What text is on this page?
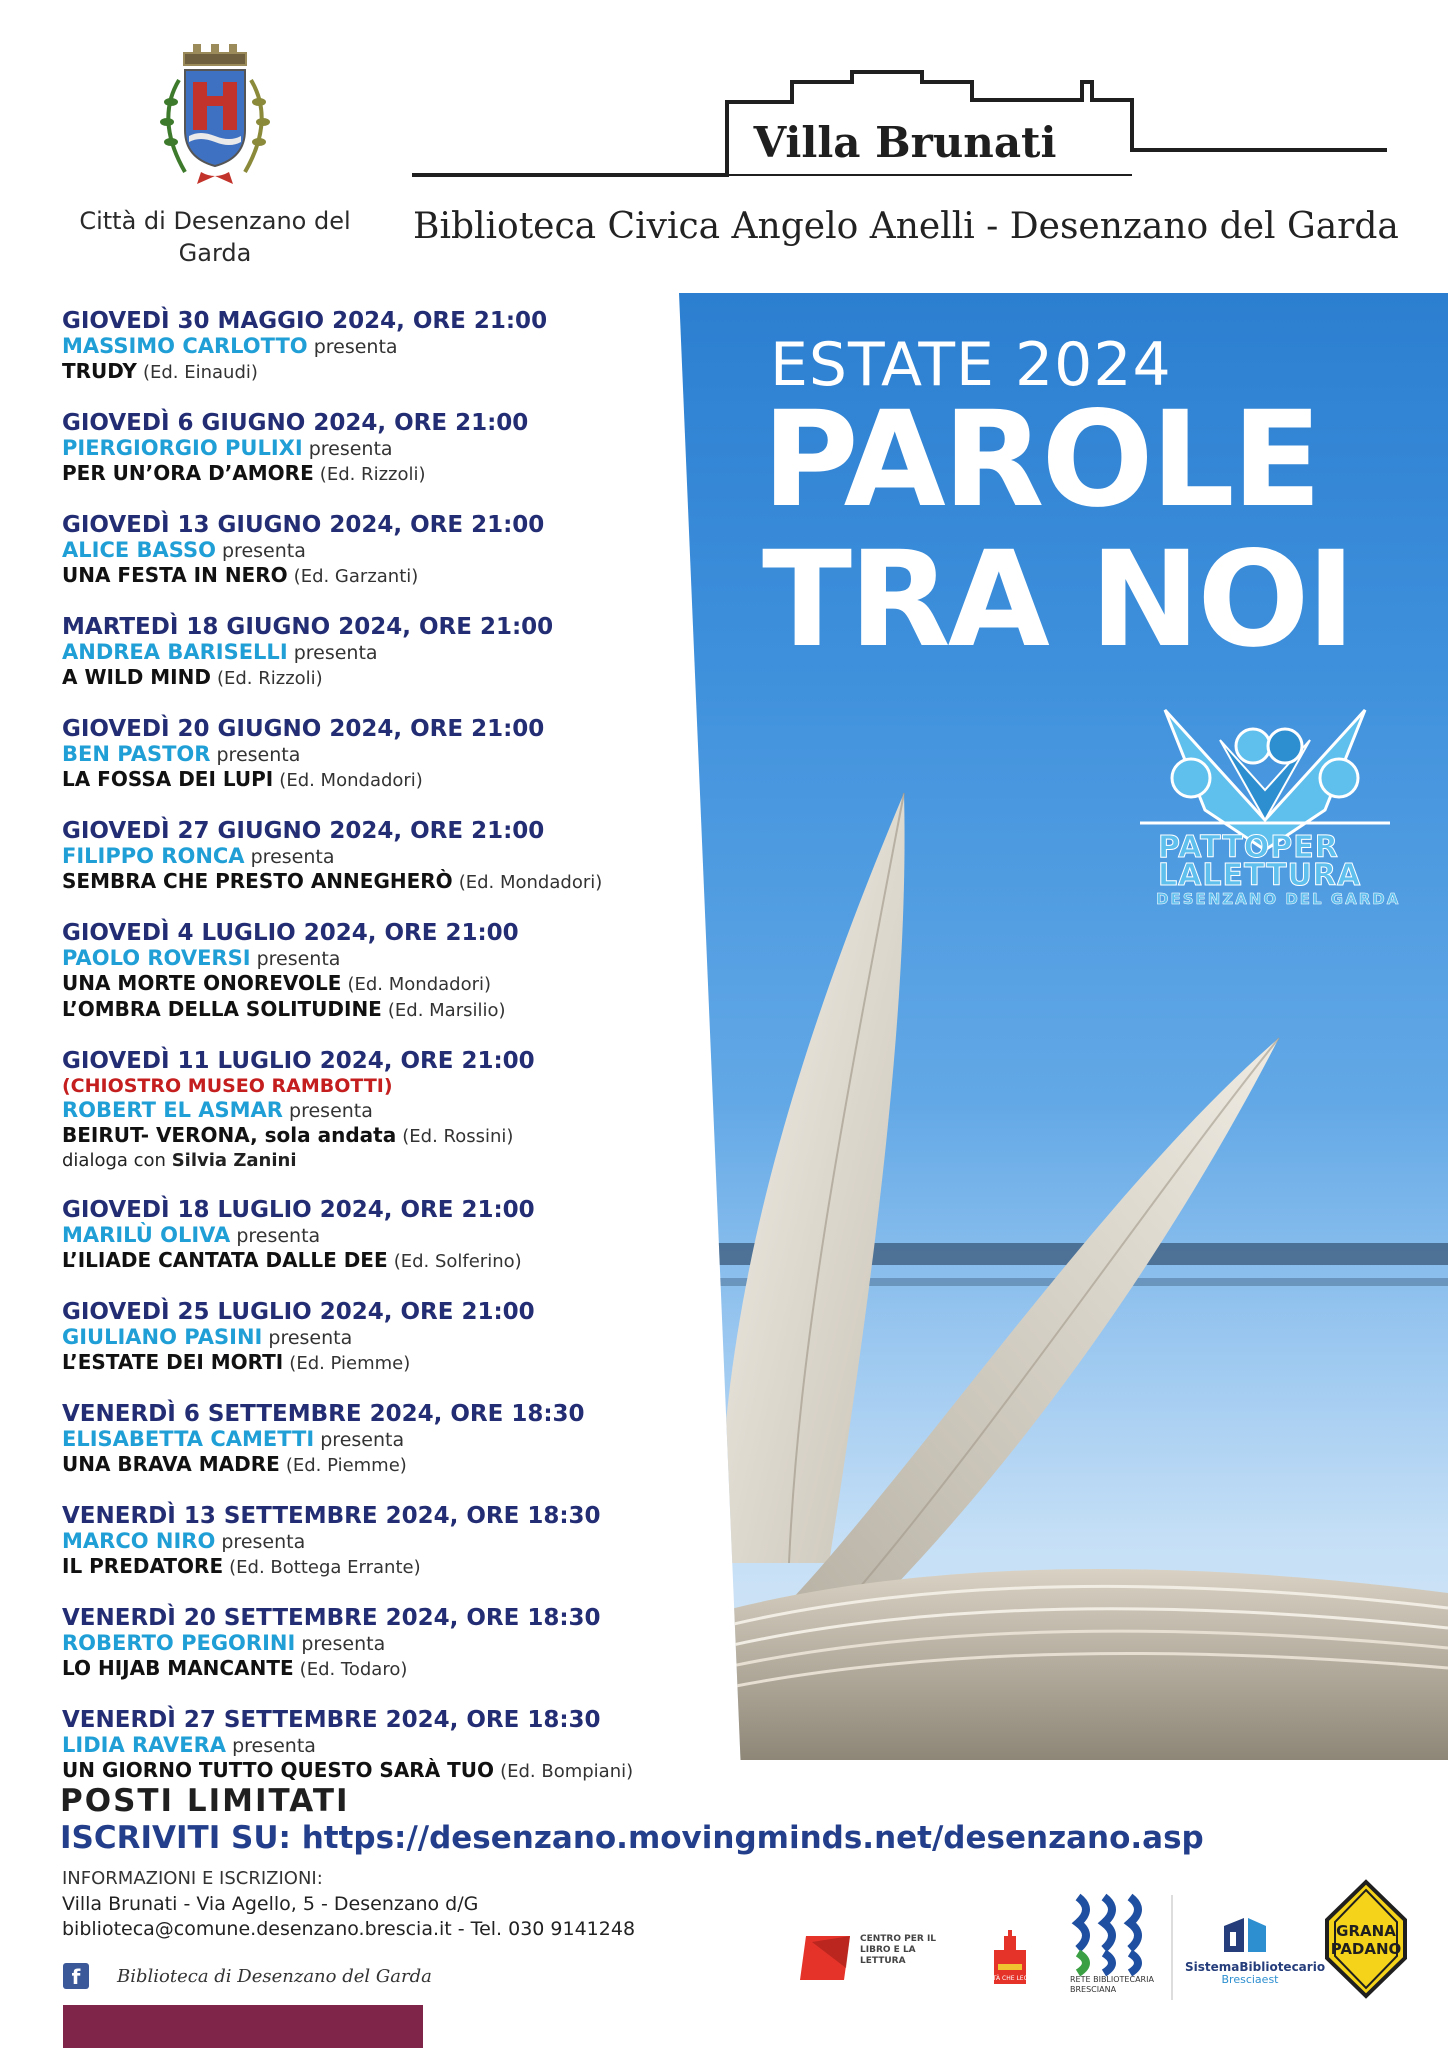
Città di Desenzano del Garda
Villa Brunati
Biblioteca Civica Angelo Anelli - Desenzano del Garda
ESTATE 2024
PAROLE
TRA NOI
PATTOPER
LALETTURA
DESENZANO DEL GARDA
GIOVEDÌ 30 MAGGIO 2024, ORE 21:00
MASSIMO CARLOTTO presenta
TRUDY (Ed. Einaudi)
GIOVEDÌ 6 GIUGNO 2024, ORE 21:00
PIERGIORGIO PULIXI presenta
PER UN’ORA D’AMORE (Ed. Rizzoli)
GIOVEDÌ 13 GIUGNO 2024, ORE 21:00
ALICE BASSO presenta
UNA FESTA IN NERO (Ed. Garzanti)
MARTEDÌ 18 GIUGNO 2024, ORE 21:00
ANDREA BARISELLI presenta
A WILD MIND (Ed. Rizzoli)
GIOVEDÌ 20 GIUGNO 2024, ORE 21:00
BEN PASTOR presenta
LA FOSSA DEI LUPI (Ed. Mondadori)
GIOVEDÌ 27 GIUGNO 2024, ORE 21:00
FILIPPO RONCA presenta
SEMBRA CHE PRESTO ANNEGHERÒ (Ed. Mondadori)
GIOVEDÌ 4 LUGLIO 2024, ORE 21:00
PAOLO ROVERSI presenta
UNA MORTE ONOREVOLE (Ed. Mondadori)
L’OMBRA DELLA SOLITUDINE (Ed. Marsilio)
GIOVEDÌ 11 LUGLIO 2024, ORE 21:00
(CHIOSTRO MUSEO RAMBOTTI)
ROBERT EL ASMAR presenta
BEIRUT- VERONA, sola andata (Ed. Rossini)
dialoga con Silvia Zanini
GIOVEDÌ 18 LUGLIO 2024, ORE 21:00
MARILÙ OLIVA presenta
L’ILIADE CANTATA DALLE DEE (Ed. Solferino)
GIOVEDÌ 25 LUGLIO 2024, ORE 21:00
GIULIANO PASINI presenta
L’ESTATE DEI MORTI (Ed. Piemme)
VENERDÌ 6 SETTEMBRE 2024, ORE 18:30
ELISABETTA CAMETTI presenta
UNA BRAVA MADRE (Ed. Piemme)
VENERDÌ 13 SETTEMBRE 2024, ORE 18:30
MARCO NIRO presenta
IL PREDATORE (Ed. Bottega Errante)
VENERDÌ 20 SETTEMBRE 2024, ORE 18:30
ROBERTO PEGORINI presenta
LO HIJAB MANCANTE (Ed. Todaro)
VENERDÌ 27 SETTEMBRE 2024, ORE 18:30
LIDIA RAVERA presenta
UN GIORNO TUTTO QUESTO SARÀ TUO (Ed. Bompiani)
POSTI LIMITATI
ISCRIVITI SU: https://desenzano.movingminds.net/desenzano.asp
INFORMAZIONI E ISCRIZIONI:
Villa Brunati - Via Agello, 5 - Desenzano d/G
biblioteca@comune.desenzano.brescia.it - Tel. 030 9141248
f	Biblioteca di Desenzano del Garda
CENTRO PER IL LIBRO E LA LETTURA
CITTÀ CHE LEGGE	RETE BIBLIOTECARIA BRESCIANA
SistemaBibliotecario
Bresciaest
GRANA
PADANO
